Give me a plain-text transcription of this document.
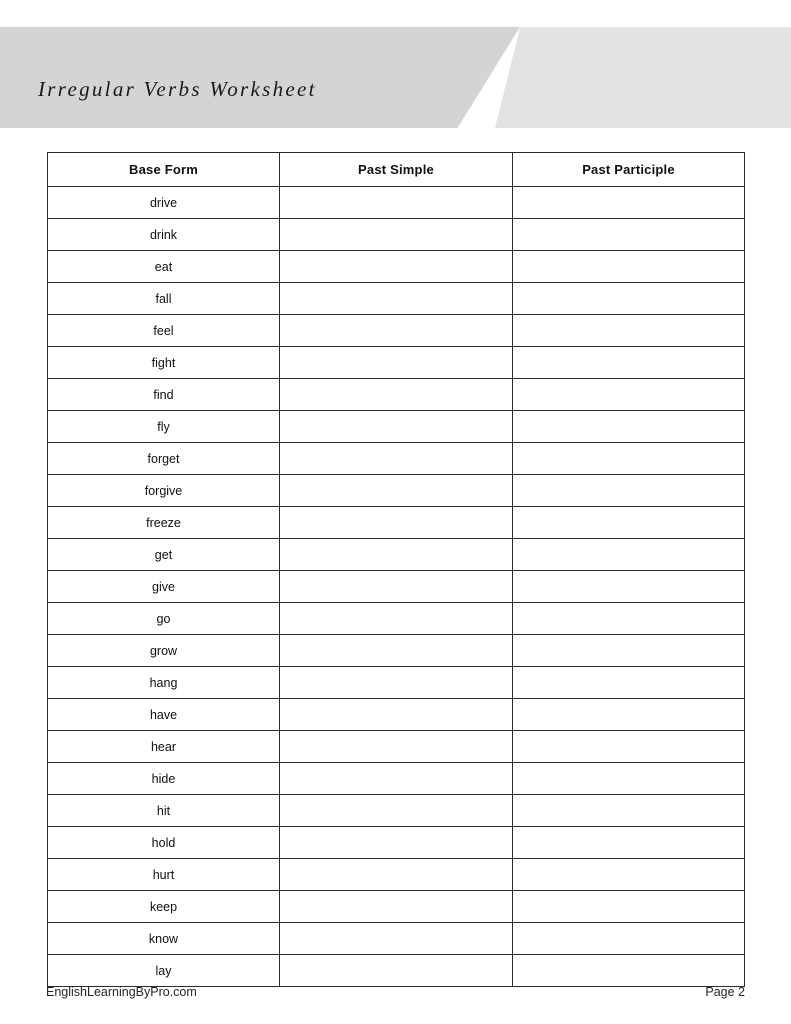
Irregular Verbs Worksheet
Base Form	Past Simple	Past Participle
drive		
drink		
eat		
fall		
feel		
fight		
find		
fly		
forget		
forgive		
freeze		
get		
give		
go		
grow		
hang		
have		
hear		
hide		
hit		
hold		
hurt		
keep		
know		
lay		
EnglishLearningByPro.com	Page 2
